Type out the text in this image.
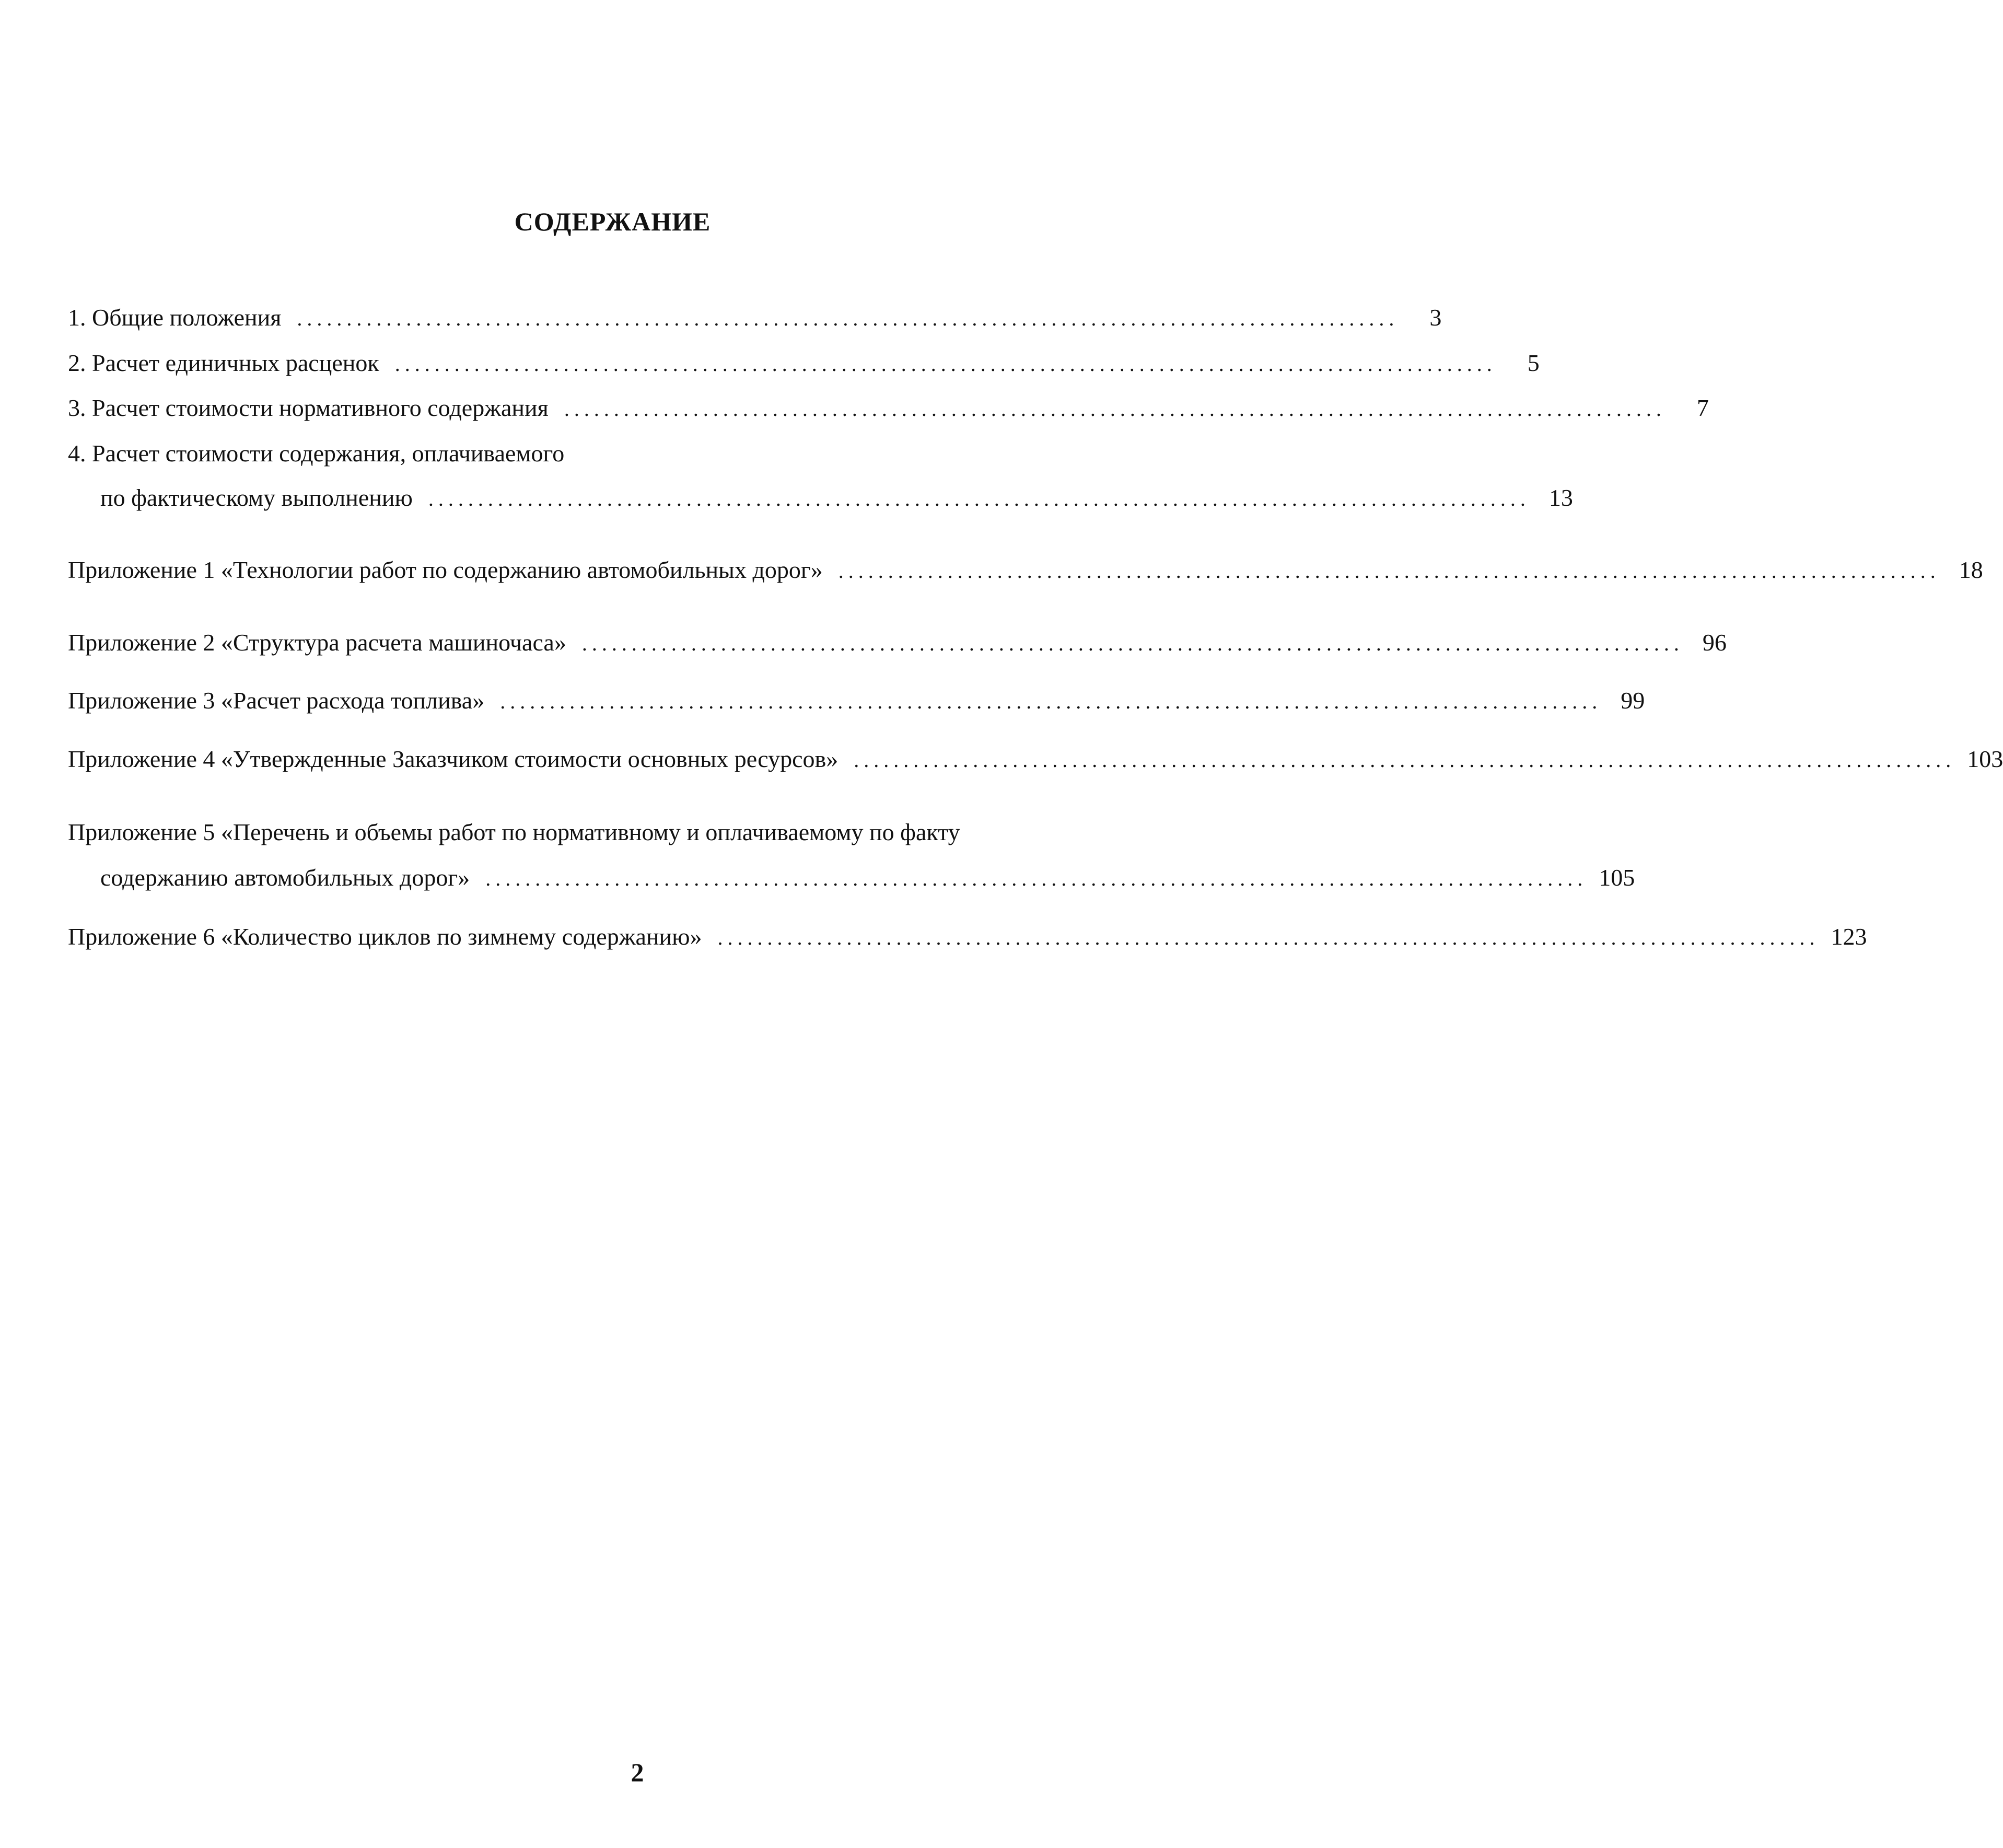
СОДЕРЖАНИЕ
1. Общие положения ...............................................................................................................	3
2. Расчет единичных расценок ...............................................................................................................	5
3. Расчет стоимости нормативного содержания ...............................................................................................................	7
4. Расчет стоимости содержания, оплачиваемого
по фактическому выполнению ............................................................................................................... 13
Приложение 1 «Технологии работ по содержанию автомобильных дорог» ............................................................................................................... 18
Приложение 2 «Структура расчета машиночаса» ............................................................................................................... 96
Приложение 3 «Расчет расхода топлива» ............................................................................................................... 99
Приложение 4 «Утвержденные Заказчиком стоимости основных ресурсов» ............................................................................................................... 103
Приложение 5 «Перечень и объемы работ по нормативному и оплачиваемому по факту
содержанию автомобильных дорог» ............................................................................................................... 105
Приложение 6 «Количество циклов по зимнему содержанию» ............................................................................................................... 123
2
